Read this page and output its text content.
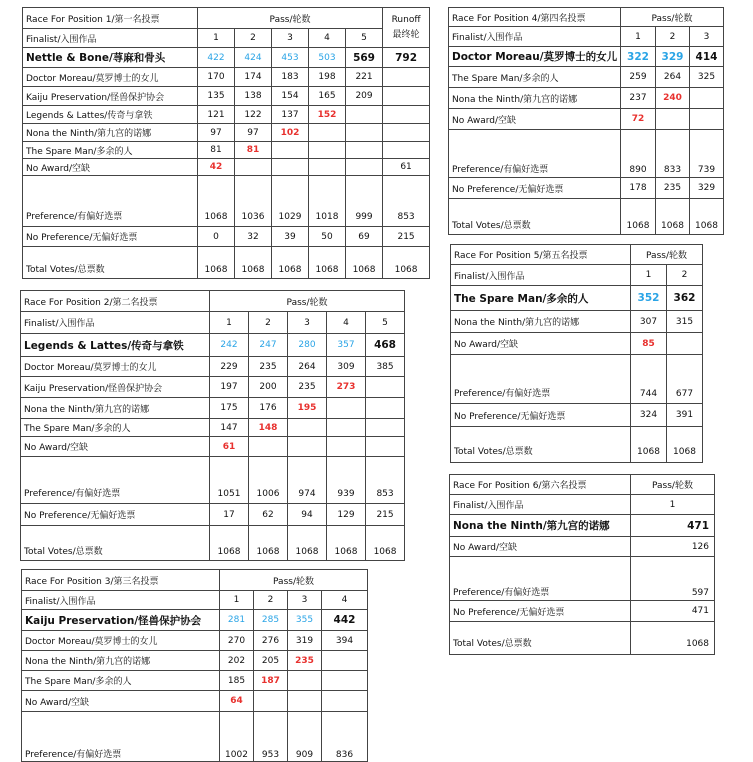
Race For Position 1/第一名投票	Pass/轮数					Runoff
最终轮
Finalist/入围作品	1	2	3	4	5	
Nettle & Bone/荨麻和骨头	422	424	453	503	569	792
Doctor Moreau/莫罗博士的女儿	170	174	183	198	221	
Kaiju Preservation/怪兽保护协会	135	138	154	165	209	
Legends & Lattes/传奇与拿铁	121	122	137	152		
Nona the Ninth/第九宫的诺娜	97	97	102			
The Spare Man/多余的人	81	81				
No Award/空缺	42					61
Preference/有偏好选票	1068	1036	1029	1018	999	853
No Preference/无偏好选票	0	32	39	50	69	215
Total Votes/总票数	1068	1068	1068	1068	1068	1068
Race For Position 2/第二名投票	Pass/轮数				
Finalist/入围作品	1	2	3	4	5
Legends & Lattes/传奇与拿铁	242	247	280	357	468
Doctor Moreau/莫罗博士的女儿	229	235	264	309	385
Kaiju Preservation/怪兽保护协会	197	200	235	273	
Nona the Ninth/第九宫的诺娜	175	176	195		
The Spare Man/多余的人	147	148			
No Award/空缺	61				
Preference/有偏好选票	1051	1006	974	939	853
No Preference/无偏好选票	17	62	94	129	215
Total Votes/总票数	1068	1068	1068	1068	1068
Race For Position 3/第三名投票	Pass/轮数			
Finalist/入围作品	1	2	3	4
Kaiju Preservation/怪兽保护协会	281	285	355	442
Doctor Moreau/莫罗博士的女儿	270	276	319	394
Nona the Ninth/第九宫的诺娜	202	205	235	
The Spare Man/多余的人	185	187		
No Award/空缺	64			
Preference/有偏好选票	1002	953	909	836
Race For Position 4/第四名投票	Pass/轮数			
Finalist/入围作品	1	2	3	
Doctor Moreau/莫罗博士的女儿	322	329	414	
The Spare Man/多余的人	259	264	325	
Nona the Ninth/第九宫的诺娜	237	240		
No Award/空缺	72			
Preference/有偏好选票	890	833	739	
No Preference/无偏好选票	178	235	329	
Total Votes/总票数	1068	1068	1068	
Race For Position 5/第五名投票	Pass/轮数	
Finalist/入围作品	1	2
The Spare Man/多余的人	352	362
Nona the Ninth/第九宫的诺娜	307	315
No Award/空缺	85	
Preference/有偏好选票	744	677
No Preference/无偏好选票	324	391
Total Votes/总票数	1068	1068
Race For Position 6/第六名投票	Pass/轮数
Finalist/入围作品	1
Nona the Ninth/第九宫的诺娜	471
No Award/空缺	126
Preference/有偏好选票	597
No Preference/无偏好选票	471
Total Votes/总票数	1068
